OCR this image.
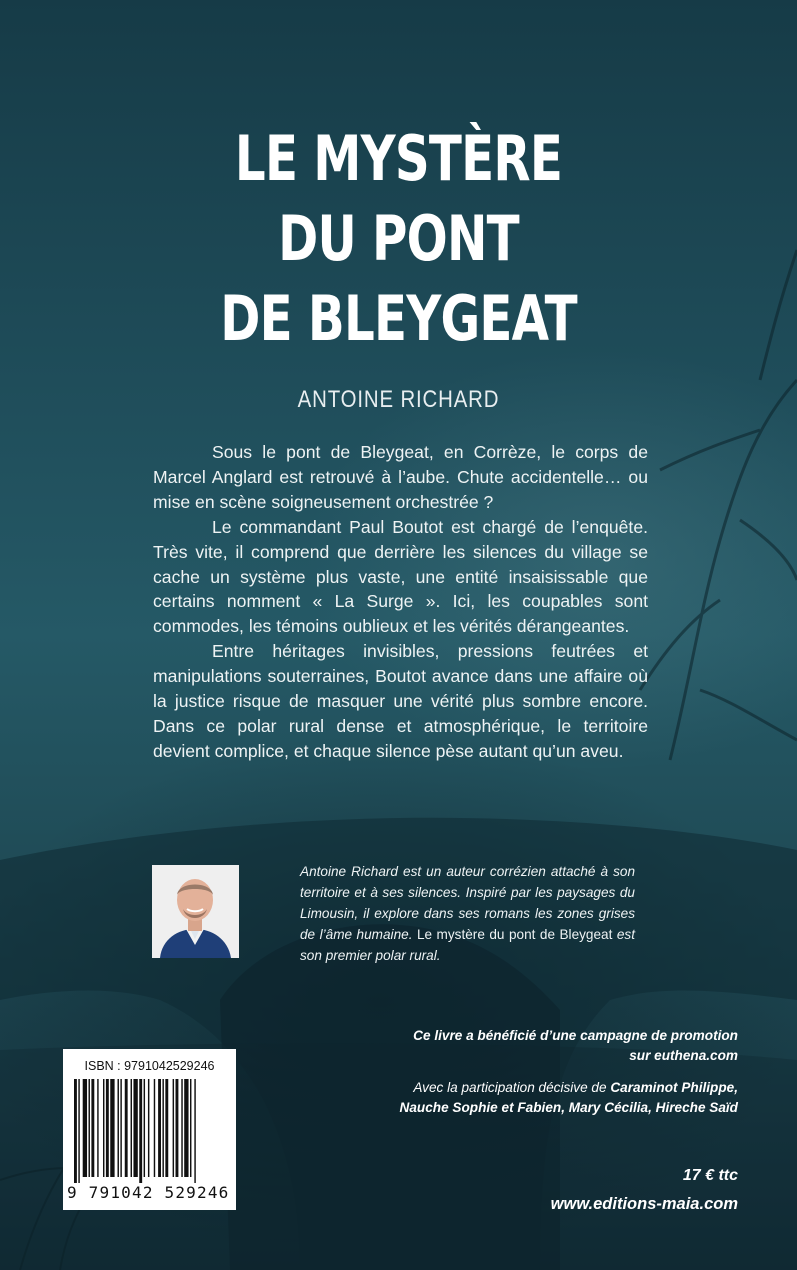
LE MYSTÈRE
DU PONT
DE BLEYGEAT
ANTOINE RICHARD

Sous le pont de Bleygeat, en Corrèze, le corps de Marcel Anglard est retrouvé à l’aube. Chute accidentelle… ou mise en scène soigneusement orchestrée ?

Le commandant Paul Boutot est chargé de l’enquête. Très vite, il comprend que derrière les silences du village se cache un système plus vaste, une entité insaisissable que certains nomment « La Surge ». Ici, les coupables sont commodes, les témoins oublieux et les vérités dérangeantes.

Entre héritages invisibles, pressions feutrées et manipulations souterraines, Boutot avance dans une affaire où la justice risque de masquer une vérité plus sombre encore. Dans ce polar rural dense et atmosphérique, le territoire devient complice, et chaque silence pèse autant qu’un aveu.

Antoine Richard est un auteur corrézien attaché à son territoire et à ses silences. Inspiré par les paysages du Limousin, il explore dans ses romans les zones grises de l’âme humaine. Le mystère du pont de Bleygeat est son premier polar rural.
Ce livre a bénéficié d’une campagne de promotion
sur euthena.com
Avec la participation décisive de Caraminot Philippe,
Nauche Sophie et Fabien, Mary Cécilia, Hireche Saïd
17 € ttc
www.editions-maia.com
ISBN : 9791042529246
9 791042 529246
